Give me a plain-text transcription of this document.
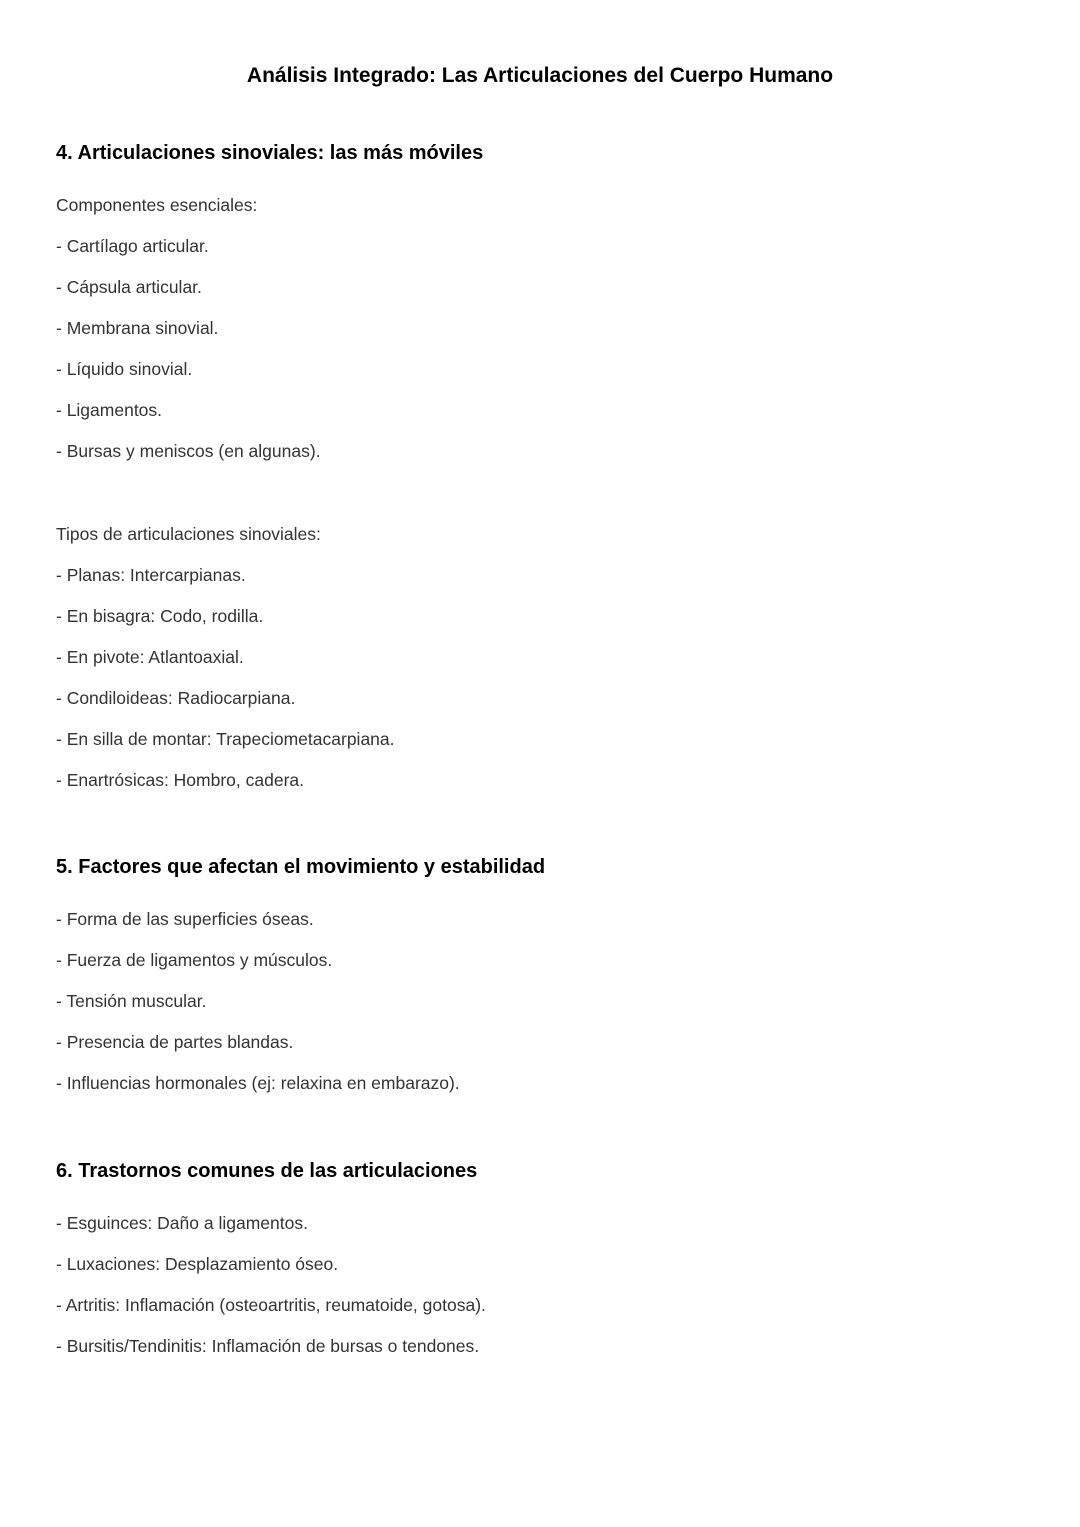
Análisis Integrado: Las Articulaciones del Cuerpo Humano
4. Articulaciones sinoviales: las más móviles

Componentes esenciales:

- Cartílago articular.

- Cápsula articular.

- Membrana sinovial.

- Líquido sinovial.

- Ligamentos.

- Bursas y meniscos (en algunas).

Tipos de articulaciones sinoviales:

- Planas: Intercarpianas.

- En bisagra: Codo, rodilla.

- En pivote: Atlantoaxial.

- Condiloideas: Radiocarpiana.

- En silla de montar: Trapeciometacarpiana.

- Enartrósicas: Hombro, cadera.

5. Factores que afectan el movimiento y estabilidad

- Forma de las superficies óseas.

- Fuerza de ligamentos y músculos.

- Tensión muscular.

- Presencia de partes blandas.

- Influencias hormonales (ej: relaxina en embarazo).

6. Trastornos comunes de las articulaciones

- Esguinces: Daño a ligamentos.

- Luxaciones: Desplazamiento óseo.

- Artritis: Inflamación (osteoartritis, reumatoide, gotosa).

- Bursitis/Tendinitis: Inflamación de bursas o tendones.
